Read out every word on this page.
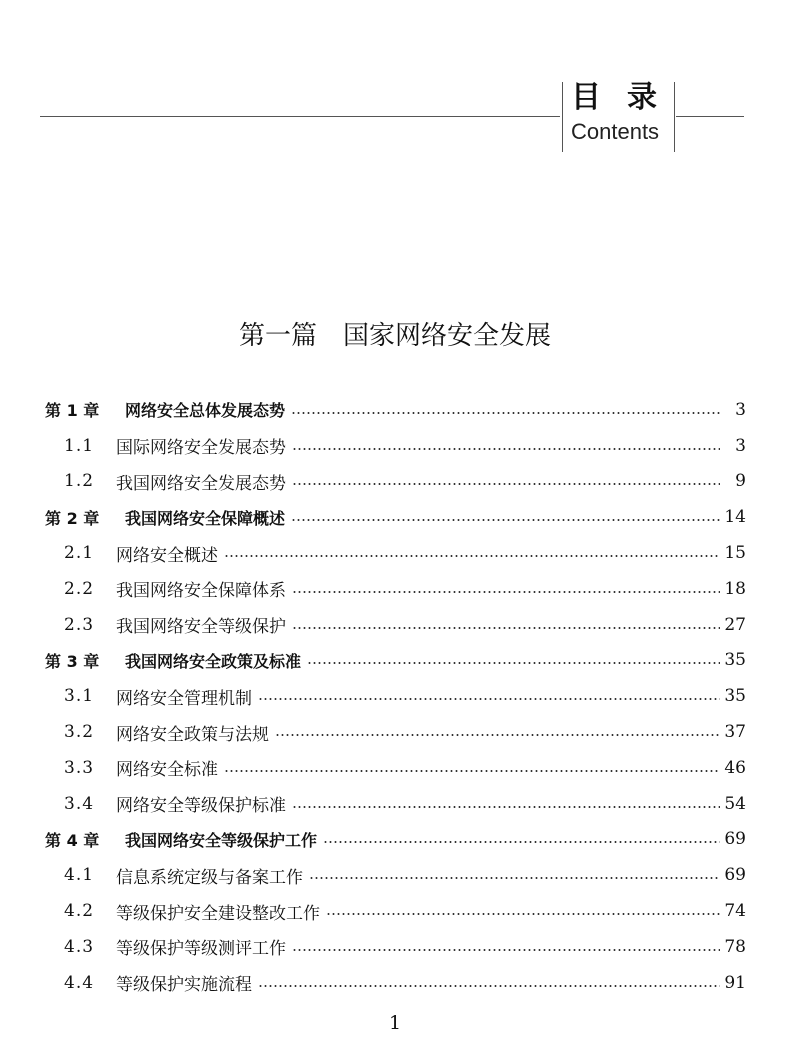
目录
Contents
第一篇　国家网络安全发展
第 1 章	网络安全总体发展态势	3
1.1	国际网络安全发展态势	3
1.2	我国网络安全发展态势	9
第 2 章	我国网络安全保障概述	14
2.1	网络安全概述	15
2.2	我国网络安全保障体系	18
2.3	我国网络安全等级保护	27
第 3 章	我国网络安全政策及标准	35
3.1	网络安全管理机制	35
3.2	网络安全政策与法规	37
3.3	网络安全标准	46
3.4	网络安全等级保护标准	54
第 4 章	我国网络安全等级保护工作	69
4.1	信息系统定级与备案工作	69
4.2	等级保护安全建设整改工作	74
4.3	等级保护等级测评工作	78
4.4	等级保护实施流程	91
1
